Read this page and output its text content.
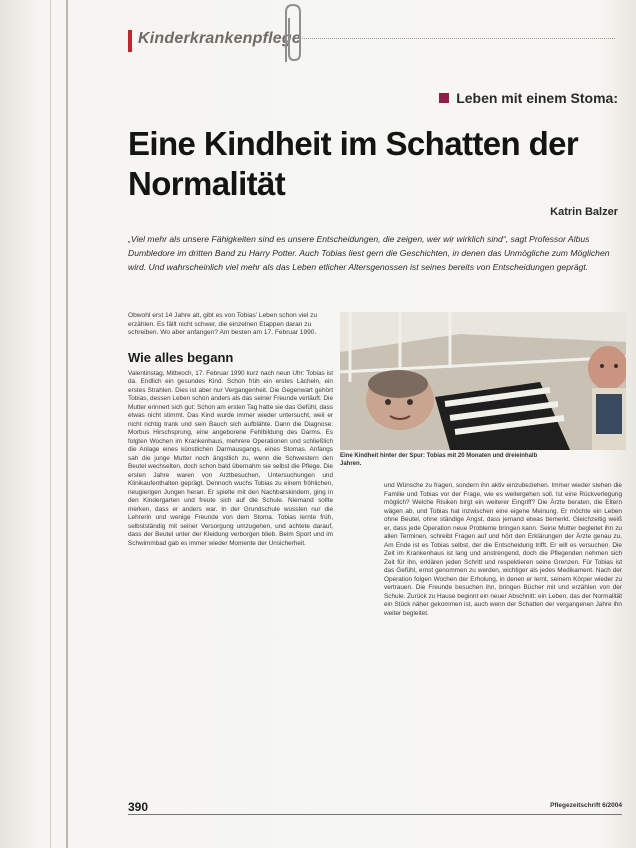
Kinderkrankenpflege
Leben mit einem Stoma:
Eine Kindheit im Schatten der Normalität
Katrin Balzer
„Viel mehr als unsere Fähigkeiten sind es unsere Entscheidungen, die zeigen, wer wir wirklich sind“, sagt Professor Albus Dumbledore im dritten Band zu Harry Potter. Auch Tobias liest gern die Geschichten, in denen das Unmögliche zum Möglichen wird. Und wahrscheinlich viel mehr als das Leben etlicher Altersgenossen ist seines bereits von Entscheidungen geprägt.

Obwohl erst 14 Jahre alt, gibt es von Tobias’ Leben schon viel zu erzählen. Es fällt nicht schwer, die einzelnen Etappen daran zu schreiben. Wo aber anfangen? Am besten am 17. Februar 1990.

Wie alles begann

Valentinstag, Mittwoch, 17. Februar 1990 kurz nach neun Uhr: Tobias ist da. Endlich ein gesundes Kind. Schon früh ein erstes Lächeln, ein erstes Strahlen. Dies ist aber nur Vergangenheit. Die Gegenwart gehört Tobias, dessen Leben schon anders als das seiner Freunde verläuft. Die Mutter erinnert sich gut: Schon am ersten Tag hatte sie das Gefühl, dass etwas nicht stimmt. Das Kind wurde immer wieder untersucht, weil er nicht richtig trank und sein Bauch sich aufblähte. Dann die Diagnose: Morbus Hirschsprung, eine angeborene Fehlbildung des Darms. Es folgten Wochen im Krankenhaus, mehrere Operationen und schließlich die Anlage eines künstlichen Darmausgangs, eines Stomas. Anfangs sah die junge Mutter noch ängstlich zu, wenn die Schwestern den Beutel wechselten, doch schon bald übernahm sie selbst die Pflege. Die ersten Jahre waren von Arztbesuchen, Untersuchungen und Klinikaufenthalten geprägt. Dennoch wuchs Tobias zu einem fröhlichen, neugierigen Jungen heran. Er spielte mit den Nachbarskindern, ging in den Kindergarten und freute sich auf die Schule. Niemand sollte merken, dass er anders war. In der Grundschule wussten nur die Lehrerin und wenige Freunde von dem Stoma. Tobias lernte früh, selbstständig mit seiner Versorgung umzugehen, und achtete darauf, dass der Beutel unter der Kleidung verborgen blieb. Beim Sport und im Schwimmbad gab es immer wieder Momente der Unsicherheit.

Eine Kindheit hinter der Spur: Tobias mit 20 Monaten und dreieinhalb Jahren.

und Wünsche zu fragen, sondern ihn aktiv einzubeziehen. Immer wieder stehen die Familie und Tobias vor der Frage, wie es weitergehen soll. Ist eine Rückverlegung möglich? Welche Risiken birgt ein weiterer Eingriff? Die Ärzte beraten, die Eltern wägen ab, und Tobias hat inzwischen eine eigene Meinung. Er möchte ein Leben ohne Beutel, ohne ständige Angst, dass jemand etwas bemerkt. Gleichzeitig weiß er, dass jede Operation neue Probleme bringen kann. Seine Mutter begleitet ihn zu allen Terminen, schreibt Fragen auf und hört den Erklärungen der Ärzte genau zu. Am Ende ist es Tobias selbst, der die Entscheidung trifft. Er will es versuchen. Die Zeit im Krankenhaus ist lang und anstrengend, doch die Pflegenden nehmen sich Zeit für ihn, erklären jeden Schritt und respektieren seine Grenzen. Für Tobias ist das Gefühl, ernst genommen zu werden, wichtiger als jedes Medikament. Nach der Operation folgen Wochen der Erholung, in denen er lernt, seinem Körper wieder zu vertrauen. Die Freunde besuchen ihn, bringen Bücher mit und erzählen von der Schule. Zurück zu Hause beginnt ein neuer Abschnitt: ein Leben, das der Normalität ein Stück näher gekommen ist, auch wenn der Schatten der vergangenen Jahre ihn weiter begleitet.

390	Pflegezeitschrift 6/2004
